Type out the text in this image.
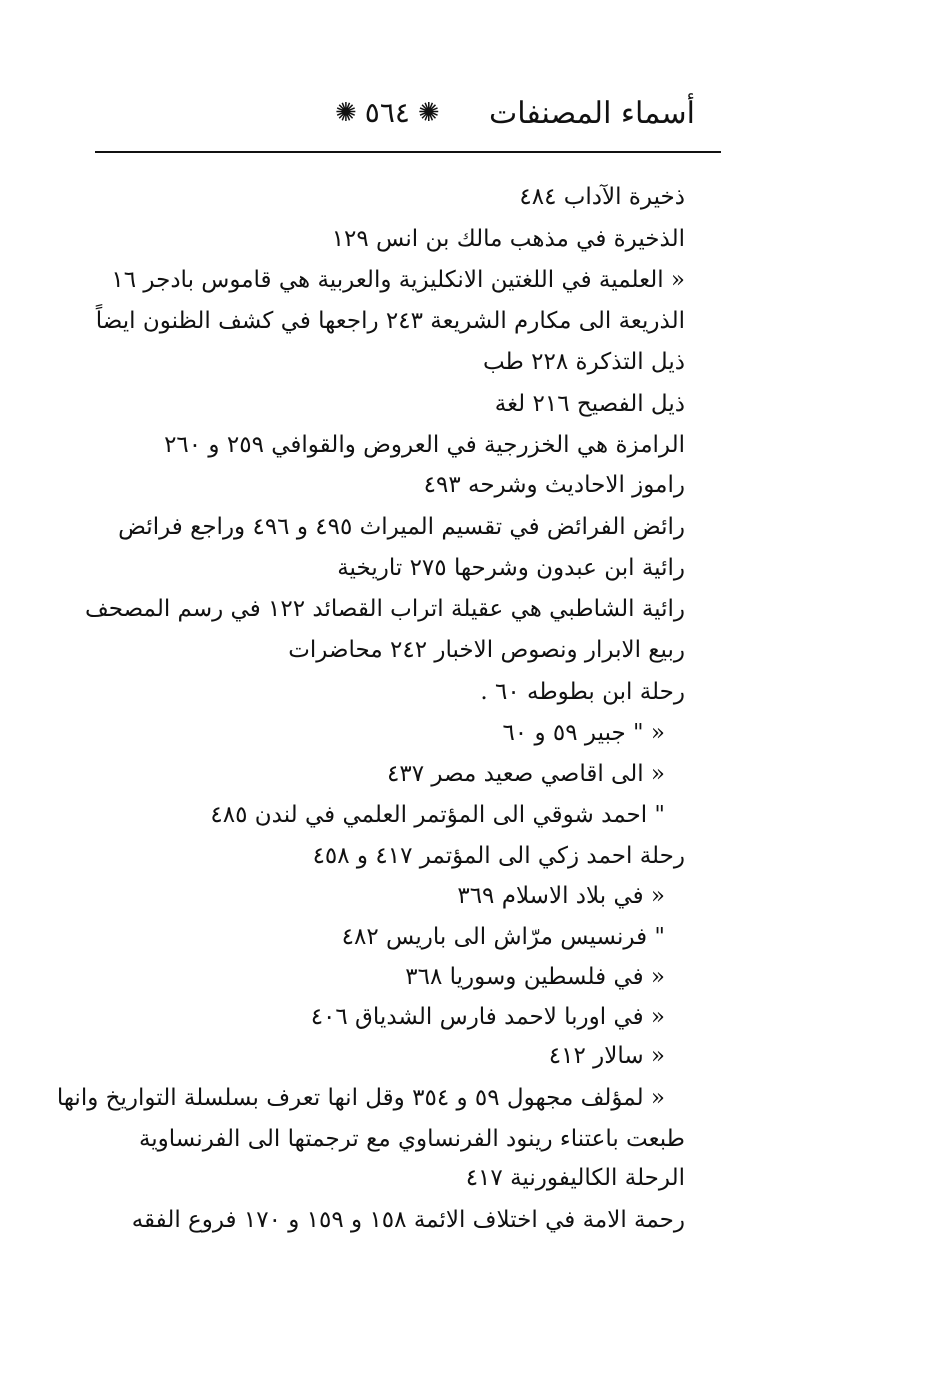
أسماء المصنفات
✺ ٥٦٤ ✺
ذخيرة الآداب ٤٨٤
الذخيرة في مذهب مالك بن انس ١٢٩
« العلمية في اللغتين الانكليزية والعربية هي قاموس بادجر ١٦
الذريعة الى مكارم الشريعة ٢٤٣ راجعها في كشف الظنون ايضاً
ذيل التذكرة ٢٢٨ طب
ذيل الفصيح ٢١٦ لغة
الرامزة هي الخزرجية في العروض والقوافي ٢٥٩ و ٢٦٠
راموز الاحاديث وشرحه ٤٩٣
رائض الفرائض في تقسيم الميراث ٤٩٥ و ٤٩٦ وراجع فرائض
رائية ابن عبدون وشرحها ٢٧٥ تاريخية
رائية الشاطبي هي عقيلة اتراب القصائد ١٢٢ في رسم المصحف
ربيع الابرار ونصوص الاخبار ٢٤٢ محاضرات
رحلة ابن بطوطه ٦٠ .
« " جبير ٥٩ و ٦٠
« الى اقاصي صعيد مصر ٤٣٧
" احمد شوقي الى المؤتمر العلمي في لندن ٤٨٥
رحلة احمد زكي الى المؤتمر ٤١٧ و ٤٥٨
« في بلاد الاسلام ٣٦٩
" فرنسيس مرّاش الى باريس ٤٨٢
« في فلسطين وسوريا ٣٦٨
« في اوربا لاحمد فارس الشدياق ٤٠٦
« سالار ٤١٢
« لمؤلف مجهول ٥٩ و ٣٥٤ وقل انها تعرف بسلسلة التواريخ وانها
طبعت باعتناء رينود الفرنساوي مع ترجمتها الى الفرنساوية
الرحلة الكاليفورنية ٤١٧
رحمة الامة في اختلاف الائمة ١٥٨ و ١٥٩ و ١٧٠ فروع الفقه
